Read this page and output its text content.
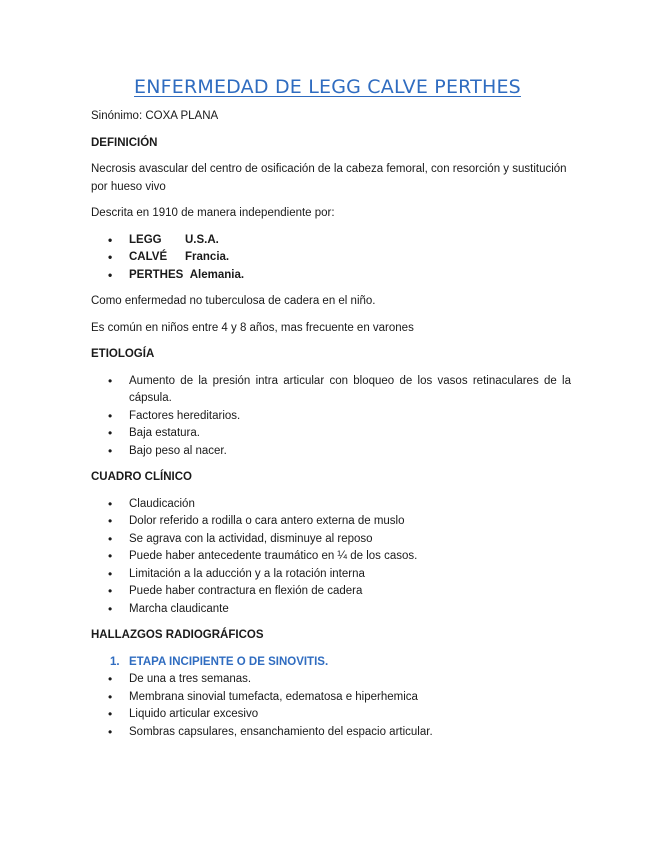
ENFERMEDAD DE LEGG CALVE PERTHES

Sinónimo: COXA PLANA

DEFINICIÓN

Necrosis avascular del centro de osificación de la cabeza femoral, con resorción y sustitución por hueso vivo

Descrita en 1910 de manera independiente por:

• LEGG U.S.A.
• CALVÉ Francia.
• PERTHES Alemania.

Como enfermedad no tuberculosa de cadera en el niño.

Es común en niños entre 4 y 8 años, mas frecuente en varones

ETIOLOGÍA

• Aumento de la presión intra articular con bloqueo de los vasos retinaculares de la cápsula.
• Factores hereditarios.
• Baja estatura.
• Bajo peso al nacer.

CUADRO CLÍNICO

• Claudicación
• Dolor referido a rodilla o cara antero externa de muslo
• Se agrava con la actividad, disminuye al reposo
• Puede haber antecedente traumático en ¼ de los casos.
• Limitación a la aducción y a la rotación interna
• Puede haber contractura en flexión de cadera
• Marcha claudicante

HALLAZGOS RADIOGRÁFICOS

1. ETAPA INCIPIENTE O DE SINOVITIS.
• De una a tres semanas.
• Membrana sinovial tumefacta, edematosa e hiperhemica
• Liquido articular excesivo
• Sombras capsulares, ensanchamiento del espacio articular.
